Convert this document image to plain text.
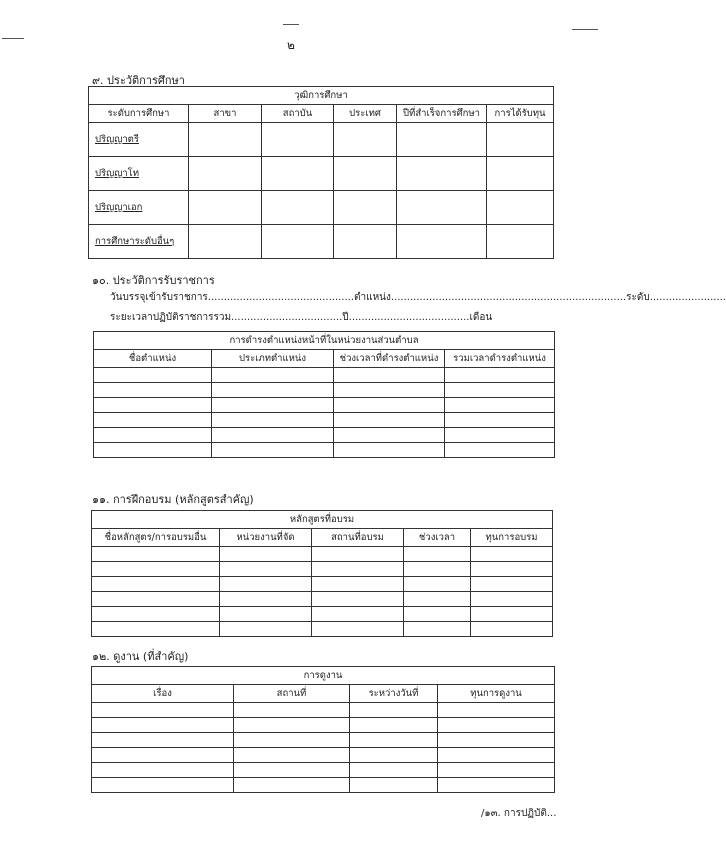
๒
๙. ประวัติการศึกษา
วุฒิการศึกษา					
ระดับการศึกษา	สาขา	สถาบัน	ประเทศ	ปีที่สำเร็จการศึกษา	การได้รับทุน
ปริญญาตรี					
ปริญญาโท					
ปริญญาเอก					
การศึกษาระดับอื่นๆ					
๑๐. ประวัติการรับราชการ
วันบรรจุเข้ารับราชการ..............................................ตำแหน่ง..........................................................................ระดับ........................
ระยะเวลาปฏิบัติราชการรวม...................................ปี......................................เดือน
การดำรงตำแหน่งหน้าที่ในหน่วยงานส่วนตำบล			
ชื่อตำแหน่ง	ประเภทตำแหน่ง	ช่วงเวลาที่ดำรงตำแหน่ง	รวมเวลาดำรงตำแหน่ง

๑๑. การฝึกอบรม (หลักสูตรสำคัญ)
หลักสูตรที่อบรม				
ชื่อหลักสูตร/การอบรมอื่น	หน่วยงานที่จัด	สถานที่อบรม	ช่วงเวลา	ทุนการอบรม

๑๒. ดูงาน (ที่สำคัญ)
การดูงาน			
เรื่อง	สถานที่	ระหว่างวันที่	ทุนการดูงาน

/๑๓. การปฏิบัติ...
